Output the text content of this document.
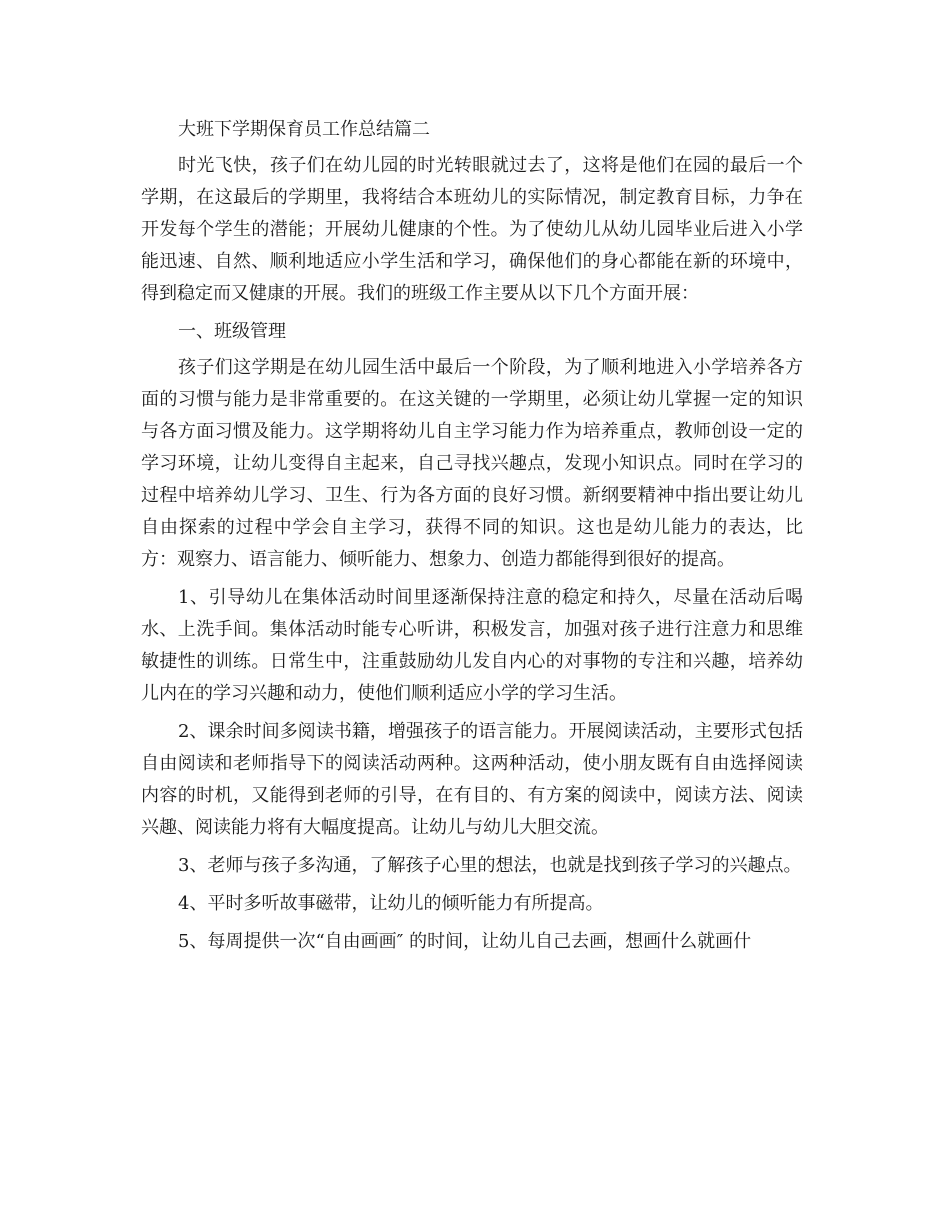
大班下学期保育员工作总结篇二

时光飞快，孩子们在幼儿园的时光转眼就过去了，这将是他们在园的最后一个学期，在这最后的学期里，我将结合本班幼儿的实际情况，制定教育目标，力争在开发每个学生的潜能；开展幼儿健康的个性。为了使幼儿从幼儿园毕业后进入小学能迅速、自然、顺利地适应小学生活和学习，确保他们的身心都能在新的环境中，得到稳定而又健康的开展。我们的班级工作主要从以下几个方面开展：

一、班级管理

孩子们这学期是在幼儿园生活中最后一个阶段，为了顺利地进入小学培养各方面的习惯与能力是非常重要的。在这关键的一学期里，必须让幼儿掌握一定的知识与各方面习惯及能力。这学期将幼儿自主学习能力作为培养重点，教师创设一定的学习环境，让幼儿变得自主起来，自己寻找兴趣点，发现小知识点。同时在学习的过程中培养幼儿学习、卫生、行为各方面的良好习惯。新纲要精神中指出要让幼儿自由探索的过程中学会自主学习，获得不同的知识。这也是幼儿能力的表达，比方：观察力、语言能力、倾听能力、想象力、创造力都能得到很好的提高。

1、引导幼儿在集体活动时间里逐渐保持注意的稳定和持久，尽量在活动后喝水、上洗手间。集体活动时能专心听讲，积极发言，加强对孩子进行注意力和思维敏捷性的训练。日常生中，注重鼓励幼儿发自内心的对事物的专注和兴趣，培养幼儿内在的学习兴趣和动力，使他们顺利适应小学的学习生活。

2、课余时间多阅读书籍，增强孩子的语言能力。开展阅读活动，主要形式包括自由阅读和老师指导下的阅读活动两种。这两种活动，使小朋友既有自由选择阅读内容的时机，又能得到老师的引导，在有目的、有方案的阅读中，阅读方法、阅读兴趣、阅读能力将有大幅度提高。让幼儿与幼儿大胆交流。

3、老师与孩子多沟通，了解孩子心里的想法，也就是找到孩子学习的兴趣点。

4、平时多听故事磁带，让幼儿的倾听能力有所提高。

5、每周提供一次“自由画画″ 的时间，让幼儿自己去画，想画什么就画什
